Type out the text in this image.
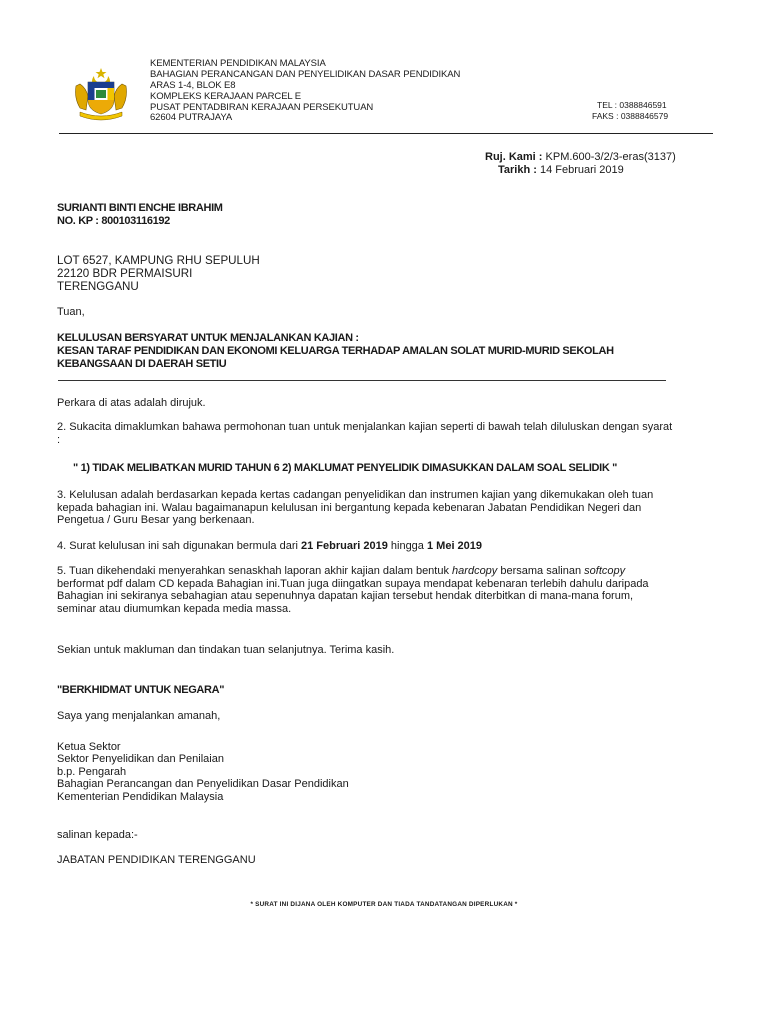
KEMENTERIAN PENDIDIKAN MALAYSIA
BAHAGIAN PERANCANGAN DAN PENYELIDIKAN DASAR PENDIDIKAN
ARAS 1-4, BLOK E8
KOMPLEKS KERAJAAN PARCEL E
PUSAT PENTADBIRAN KERAJAAN PERSEKUTUAN
62604 PUTRAJAYA
TEL : 0388846591
FAKS : 0388846579
Ruj. Kami : KPM.600-3/2/3-eras(3137)
Tarikh : 14 Februari 2019
SURIANTI BINTI ENCHE IBRAHIM
NO. KP : 800103116192
LOT 6527, KAMPUNG RHU SEPULUH
22120 BDR PERMAISURI
TERENGGANU
Tuan,
KELULUSAN BERSYARAT UNTUK MENJALANKAN KAJIAN :
KESAN TARAF PENDIDIKAN DAN EKONOMI KELUARGA TERHADAP AMALAN SOLAT MURID-MURID SEKOLAH
KEBANGSAAN DI DAERAH SETIU
Perkara di atas adalah dirujuk.
2. Sukacita dimaklumkan bahawa permohonan tuan untuk menjalankan kajian seperti di bawah telah diluluskan dengan syarat :
" 1) TIDAK MELIBATKAN MURID TAHUN 6 2) MAKLUMAT PENYELIDIK DIMASUKKAN DALAM SOAL SELIDIK "
3. Kelulusan adalah berdasarkan kepada kertas cadangan penyelidikan dan instrumen kajian yang dikemukakan oleh tuan kepada bahagian ini. Walau bagaimanapun kelulusan ini bergantung kepada kebenaran Jabatan Pendidikan Negeri dan Pengetua / Guru Besar yang berkenaan.
4. Surat kelulusan ini sah digunakan bermula dari 21 Februari 2019 hingga 1 Mei 2019
5. Tuan dikehendaki menyerahkan senaskhah laporan akhir kajian dalam bentuk hardcopy bersama salinan softcopy berformat pdf dalam CD kepada Bahagian ini.Tuan juga diingatkan supaya mendapat kebenaran terlebih dahulu daripada Bahagian ini sekiranya sebahagian atau sepenuhnya dapatan kajian tersebut hendak diterbitkan di mana-mana forum, seminar atau diumumkan kepada media massa.
Sekian untuk makluman dan tindakan tuan selanjutnya. Terima kasih.
"BERKHIDMAT UNTUK NEGARA"
Saya yang menjalankan amanah,
Ketua Sektor
Sektor Penyelidikan dan Penilaian
b.p. Pengarah
Bahagian Perancangan dan Penyelidikan Dasar Pendidikan
Kementerian Pendidikan Malaysia
salinan kepada:-
JABATAN PENDIDIKAN TERENGGANU
* SURAT INI DIJANA OLEH KOMPUTER DAN TIADA TANDATANGAN DIPERLUKAN *
